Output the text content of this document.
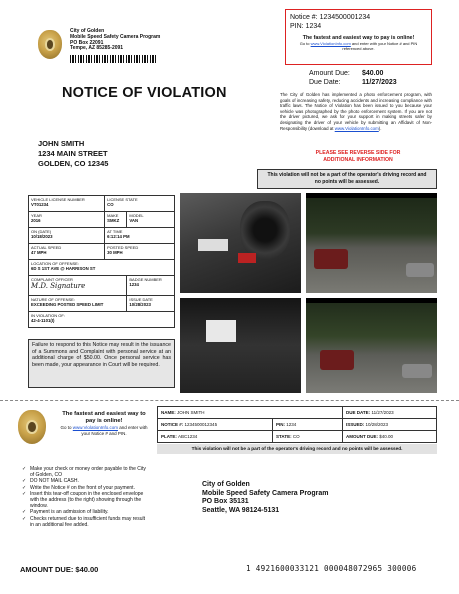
City of Golden
Mobile Speed Safety Camera Program
PO Box 22091
Tempe, AZ 85285-2091
Notice #: 1234500001234
PIN: 1234
The fastest and easiest way to pay is online!
Go to www.ViolationInfo.com and enter with your Notice # and PIN referenced above.
Amount Due: $40.00
Due Date:	11/27/2023
NOTICE OF VIOLATION	The City of Golden has implemented a photo enforcement program, with goals of increasing safety, reducing accidents and increasing compliance with traffic laws. The Notice of Violation has been issued to you because your vehicle was photographed by the photo enforcement system. If you are not the driver pictured, we ask for your support in making streets safer by designating the driver of your vehicle by submitting an Affidavit of Non-Responsibility (download at www.ViolationInfo.com).
PLEASE SEE REVERSE SIDE FOR ADDITIONAL INFORMATION
JOHN SMITH
1234 MAIN STREET
GOLDEN, CO 12345
This violation will not be a part of the operator's driving record and no points will be assessed.
VEHICLE LICENSE NUMBER
VT01234	LICENSE STATE
CO	

YEAR
2016	MAKE
SMKZ	MODEL
VAN

ON (DATE)
10/18/2023	AT TIME
6:12:14 PM	

ACTUAL SPEED
47 MPH	POSTED SPEED
30 MPH	

LOCATION OF OFFENSE:
6D S 1ST AVE @ HARRISON ST		

COMPLAINT OFFICER
M.D. Signature		BADGE NUMBER
1234

NATURE OF OFFENSE:
EXCEEDING POSTED SPEED LIMIT		ISSUE DATE
10/28/2023

IN VIOLATION OF:
42-4-1101(I)		
Failure to respond to this Notice may result in the issuance of a Summons and Complaint with personal service at an additional charge of $50.00. Once personal service has been made, your appearance in Court will be required.
The fastest and easiest way to pay is online!
Go to www.ViolationInfo.com and enter with your Notice # and PIN.
NAME: JOHN SMITH		DUE DATE: 11/27/2023
NOTICE #: 1234500012345	PIN: 1234	ISSUED: 10/28/2023
PLATE: ABC1234	STATE: CO	AMOUNT DUE: $40.00
This violation will not be a part of the operator's driving record and no points will be assessed.
✓ Make your check or money order payable to the City of Golden, CO
✓ DO NOT MAIL CASH.
✓ Write the Notice # on the front of your payment.
✓ Insert this tear-off coupon in the enclosed envelope with the address (to the right) showing through the window.
✓ Payment is an admission of liability.
✓ Checks returned due to insufficient funds may result in an additional fee added.
City of Golden
Mobile Speed Safety Camera Program
PO Box 35131
Seattle, WA 98124-5131
AMOUNT DUE: $40.00	1 4921600033121 000048072965 300006
